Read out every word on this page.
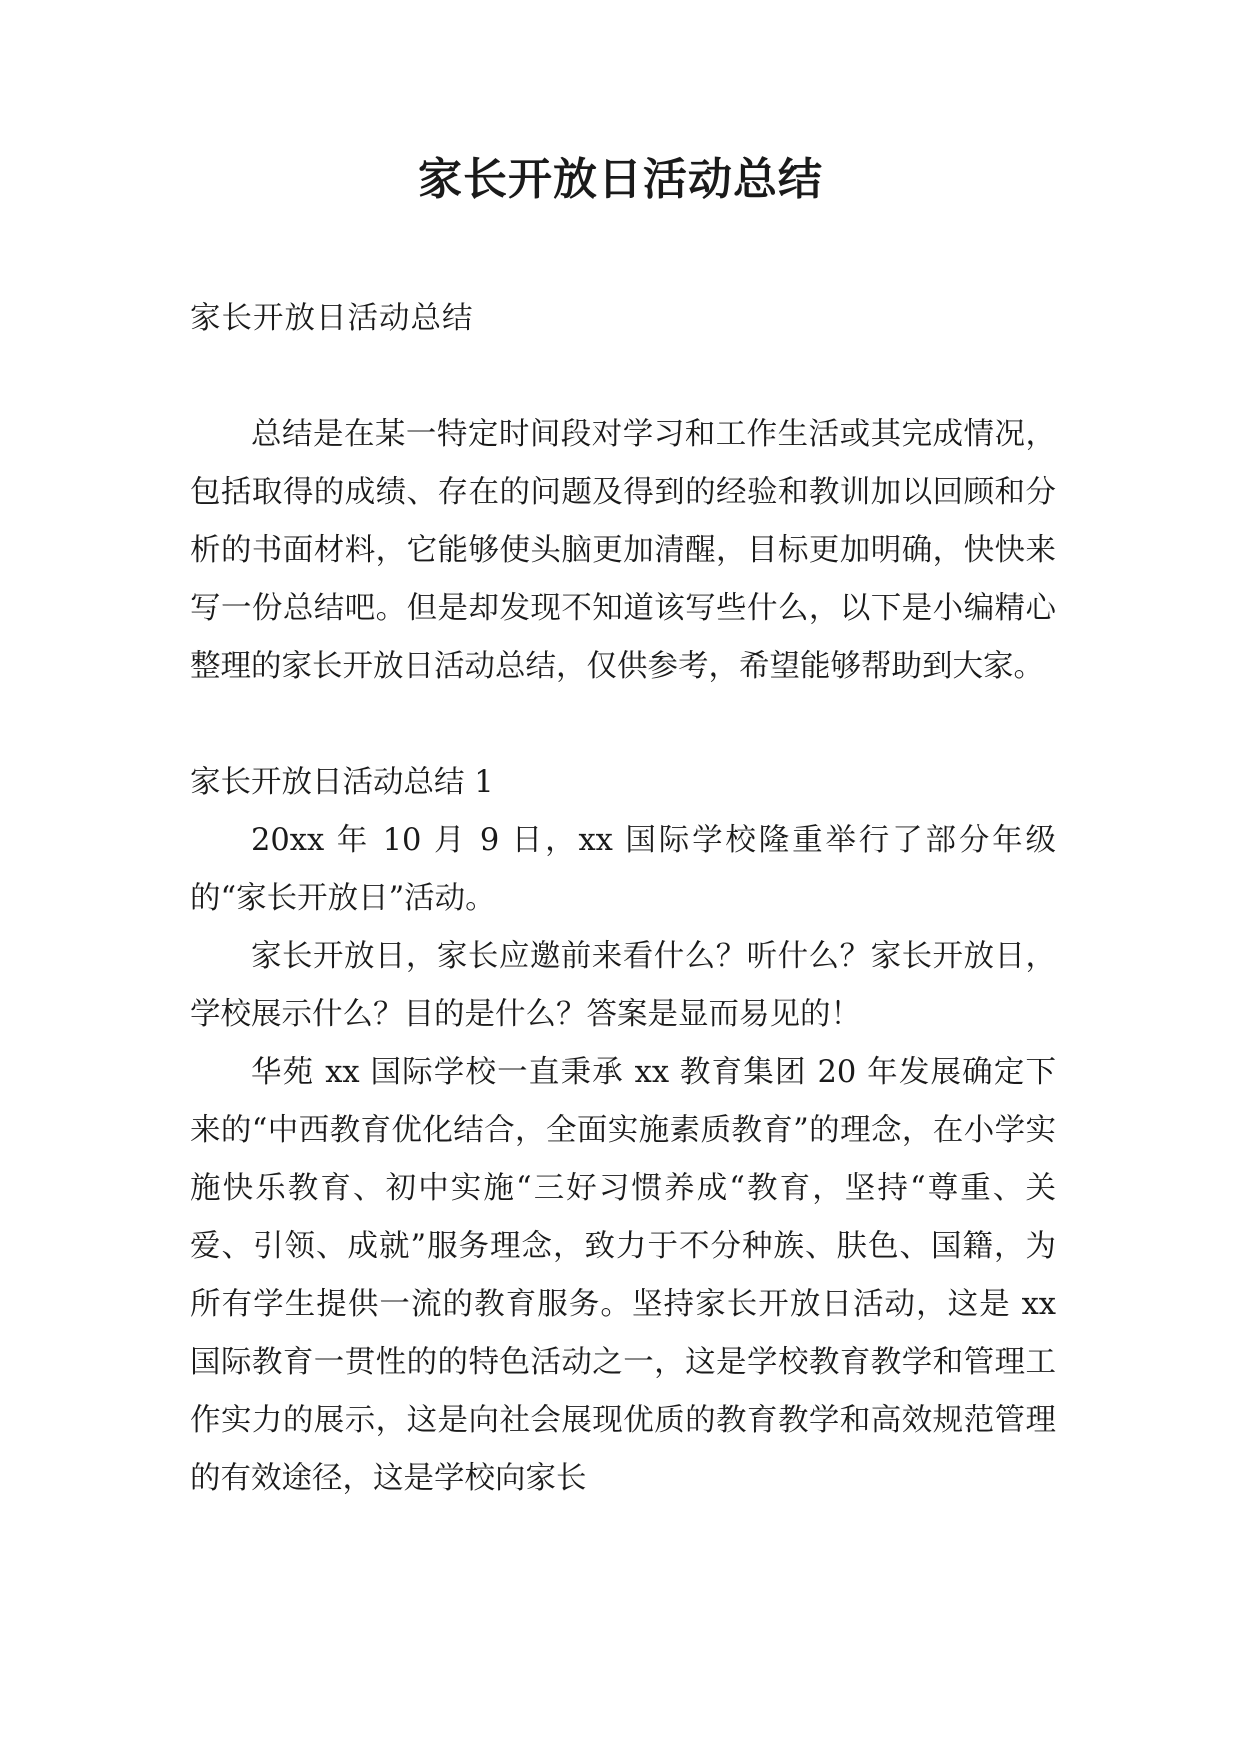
家长开放日活动总结

家长开放日活动总结

总结是在某一特定时间段对学习和工作生活或其完成情况，包括取得的成绩、存在的问题及得到的经验和教训加以回顾和分析的书面材料，它能够使头脑更加清醒，目标更加明确，快快来写一份总结吧。但是却发现不知道该写些什么，以下是小编精心整理的家长开放日活动总结，仅供参考，希望能够帮助到大家。

家长开放日活动总结 1

20xx 年 10 月 9 日，xx 国际学校隆重举行了部分年级的“家长开放日”活动。

家长开放日，家长应邀前来看什么？听什么？家长开放日，学校展示什么？目的是什么？答案是显而易见的！

华苑 xx 国际学校一直秉承 xx 教育集团 20 年发展确定下来的“中西教育优化结合，全面实施素质教育”的理念，在小学实施快乐教育、初中实施“三好习惯养成“教育，坚持“尊重、关爱、引领、成就”服务理念，致力于不分种族、肤色、国籍，为所有学生提供一流的教育服务。坚持家长开放日活动，这是 xx 国际教育一贯性的的特色活动之一，这是学校教育教学和管理工作实力的展示，这是向社会展现优质的教育教学和高效规范管理的有效途径，这是学校向家长
